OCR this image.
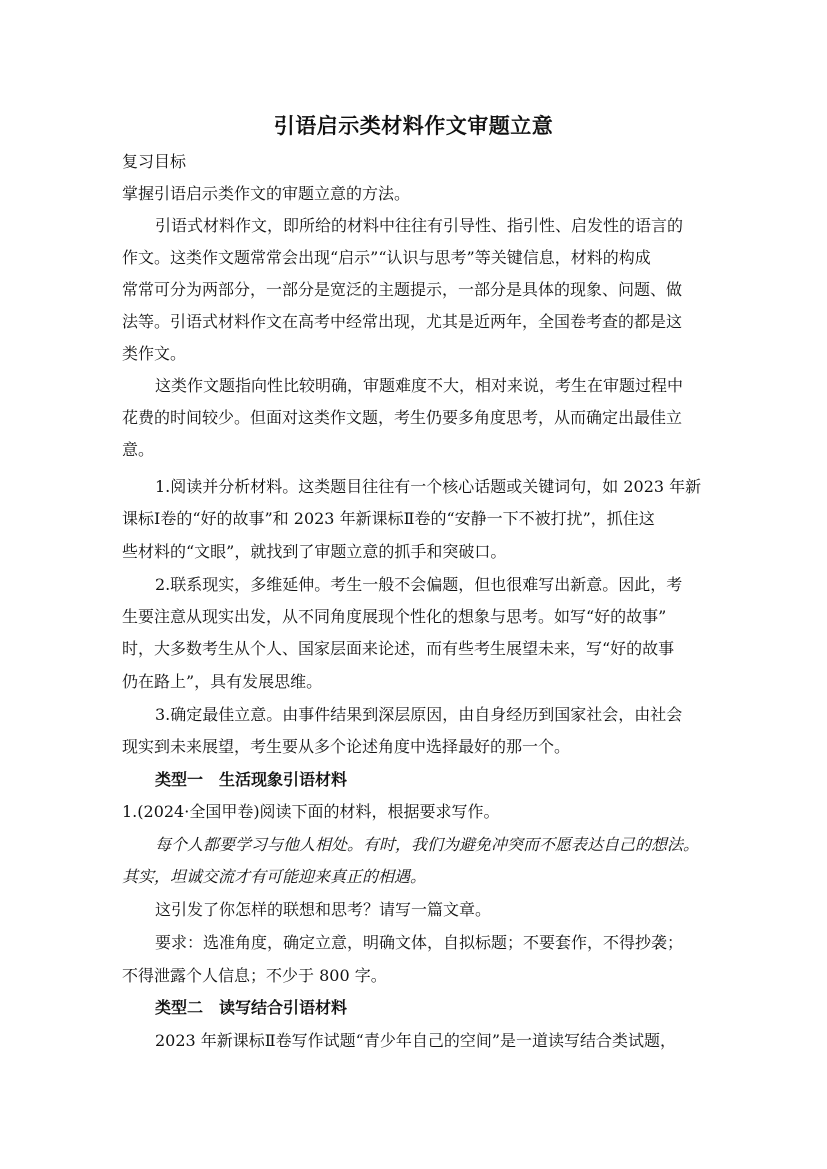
引语启示类材料作文审题立意
复习目标
掌握引语启示类作文的审题立意的方法。
引语式材料作文，即所给的材料中往往有引导性、指引性、启发性的语言的
作文。这类作文题常常会出现“启示”“认识与思考”等关键信息，材料的构成
常常可分为两部分，一部分是宽泛的主题提示，一部分是具体的现象、问题、做
法等。引语式材料作文在高考中经常出现，尤其是近两年，全国卷考查的都是这
类作文。
这类作文题指向性比较明确，审题难度不大，相对来说，考生在审题过程中
花费的时间较少。但面对这类作文题，考生仍要多角度思考，从而确定出最佳立
意。
1.阅读并分析材料。这类题目往往有一个核心话题或关键词句，如 2023 年新
课标Ⅰ卷的“好的故事”和 2023 年新课标Ⅱ卷的“安静一下不被打扰”，抓住这
些材料的“文眼”，就找到了审题立意的抓手和突破口。
2.联系现实，多维延伸。考生一般不会偏题，但也很难写出新意。因此，考
生要注意从现实出发，从不同角度展现个性化的想象与思考。如写“好的故事”
时，大多数考生从个人、国家层面来论述，而有些考生展望未来，写“好的故事
仍在路上”，具有发展思维。
3.确定最佳立意。由事件结果到深层原因，由自身经历到国家社会，由社会
现实到未来展望，考生要从多个论述角度中选择最好的那一个。
类型一 生活现象引语材料
1.(2024·全国甲卷)阅读下面的材料，根据要求写作。
每个人都要学习与他人相处。有时，我们为避免冲突而不愿表达自己的想法。
其实，坦诚交流才有可能迎来真正的相遇。
这引发了你怎样的联想和思考？请写一篇文章。
要求：选准角度，确定立意，明确文体，自拟标题；不要套作，不得抄袭；
不得泄露个人信息；不少于 800 字。
类型二 读写结合引语材料
2023 年新课标Ⅱ卷写作试题“青少年自己的空间”是一道读写结合类试题，
